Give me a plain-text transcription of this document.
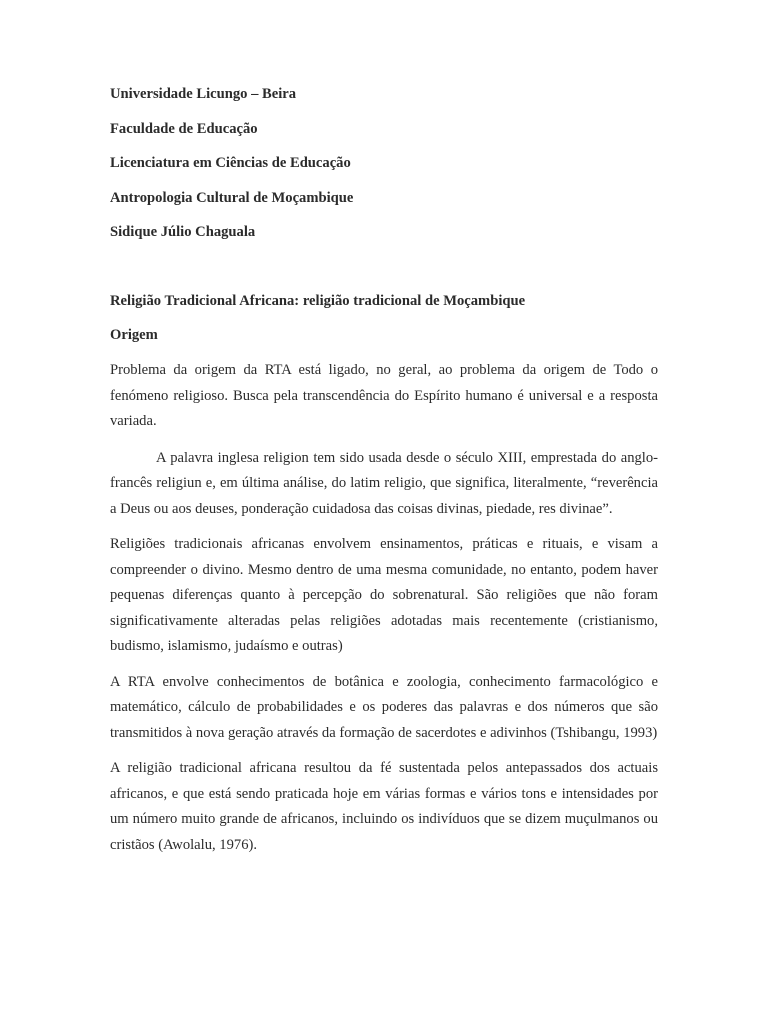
Universidade Licungo – Beira

Faculdade de Educação

Licenciatura em Ciências de Educação

Antropologia Cultural de Moçambique

Sidique Júlio Chaguala

Religião Tradicional Africana: religião tradicional de Moçambique

Origem

Problema da origem da RTA está ligado, no geral, ao problema da origem de Todo o fenómeno religioso. Busca pela transcendência do Espírito humano é universal e a resposta variada.

A palavra inglesa religion tem sido usada desde o século XIII, emprestada do anglo-francês religiun e, em última análise, do latim religio, que significa, literalmente, “reverência a Deus ou aos deuses, ponderação cuidadosa das coisas divinas, piedade, res divinae”.

Religiões tradicionais africanas envolvem ensinamentos, práticas e rituais, e visam a compreender o divino. Mesmo dentro de uma mesma comunidade, no entanto, podem haver pequenas diferenças quanto à percepção do sobrenatural. São religiões que não foram significativamente alteradas pelas religiões adotadas mais recentemente (cristianismo, budismo, islamismo, judaísmo e outras)

A RTA envolve conhecimentos de botânica e zoologia, conhecimento farmacológico e matemático, cálculo de probabilidades e os poderes das palavras e dos números que são transmitidos à nova geração através da formação de sacerdotes e adivinhos (Tshibangu, 1993)

A religião tradicional africana resultou da fé sustentada pelos antepassados dos actuais africanos, e que está sendo praticada hoje em várias formas e vários tons e intensidades por um número muito grande de africanos, incluindo os indivíduos que se dizem muçulmanos ou cristãos (Awolalu, 1976).
